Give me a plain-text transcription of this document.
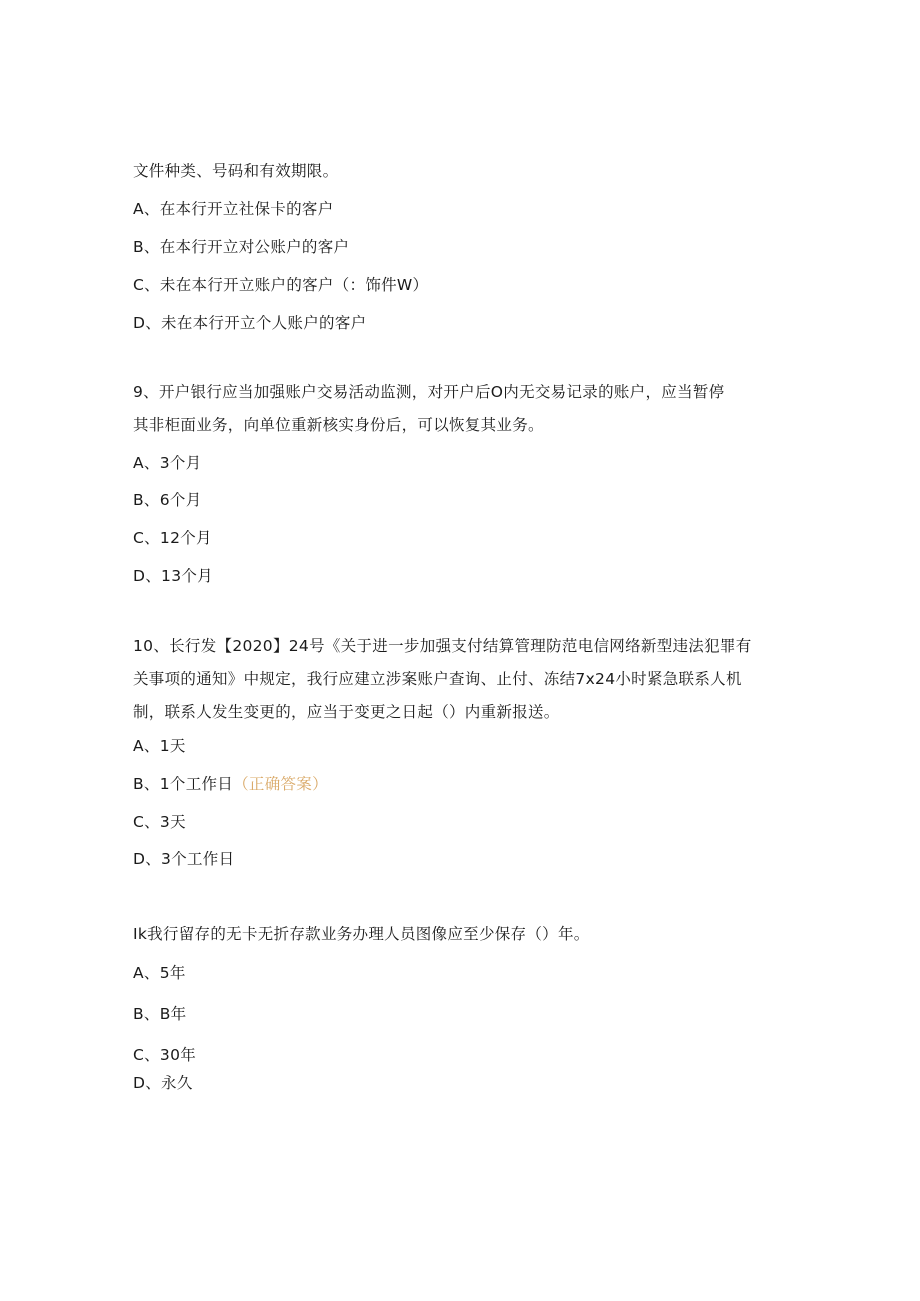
文件种类、号码和有效期限。
A、在本行开立社保卡的客户
B、在本行开立对公账户的客户
C、未在本行开立账户的客户（：饰件W）
D、未在本行开立个人账户的客户
9、开户银行应当加强账户交易活动监测，对开户后O内无交易记录的账户，应当暂停
其非柜面业务，向单位重新核实身份后，可以恢复其业务。
A、3个月
B、6个月
C、12个月
D、13个月
10、长行发【2020】24号《关于进一步加强支付结算管理防范电信网络新型违法犯罪有
关事项的通知》中规定，我行应建立涉案账户查询、止付、冻结7x24小时紧急联系人机
制，联系人发生变更的，应当于变更之日起（）内重新报送。
A、1天
B、1个工作日（正确答案）
C、3天
D、3个工作日
Ik我行留存的无卡无折存款业务办理人员图像应至少保存（）年。
A、5年
B、B年
C、30年
D、永久
